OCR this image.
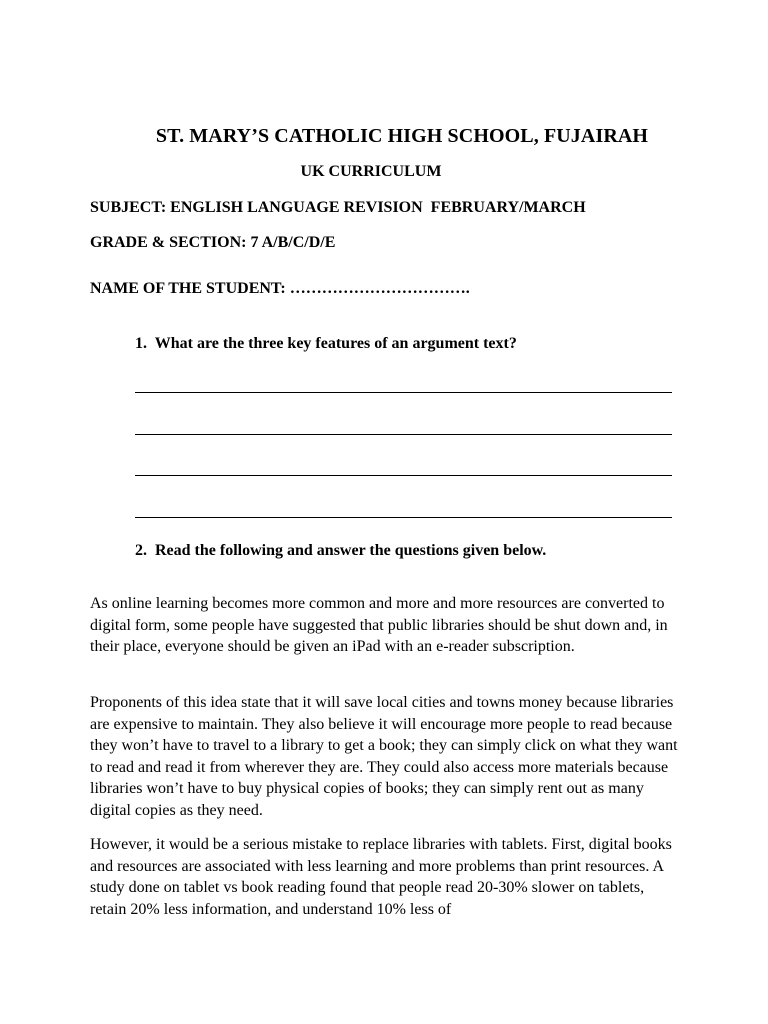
ST. MARY’S CATHOLIC HIGH SCHOOL, FUJAIRAH
UK CURRICULUM
SUBJECT: ENGLISH LANGUAGE REVISION  FEBRUARY/MARCH
GRADE & SECTION: 7 A/B/C/D/E
NAME OF THE STUDENT: …………………………….
1.  What are the three key features of an argument text?
2.  Read the following and answer the questions given below.

As online learning becomes more common and more and more resources are converted to digital form, some people have suggested that public libraries should be shut down and, in their place, everyone should be given an iPad with an e-reader subscription.

Proponents of this idea state that it will save local cities and towns money because libraries are expensive to maintain. They also believe it will encourage more people to read because they won’t have to travel to a library to get a book; they can simply click on what they want to read and read it from wherever they are. They could also access more materials because libraries won’t have to buy physical copies of books; they can simply rent out as many digital copies as they need.

However, it would be a serious mistake to replace libraries with tablets. First, digital books and resources are associated with less learning and more problems than print resources. A study done on tablet vs book reading found that people read 20-30% slower on tablets, retain 20% less information, and understand 10% less of
